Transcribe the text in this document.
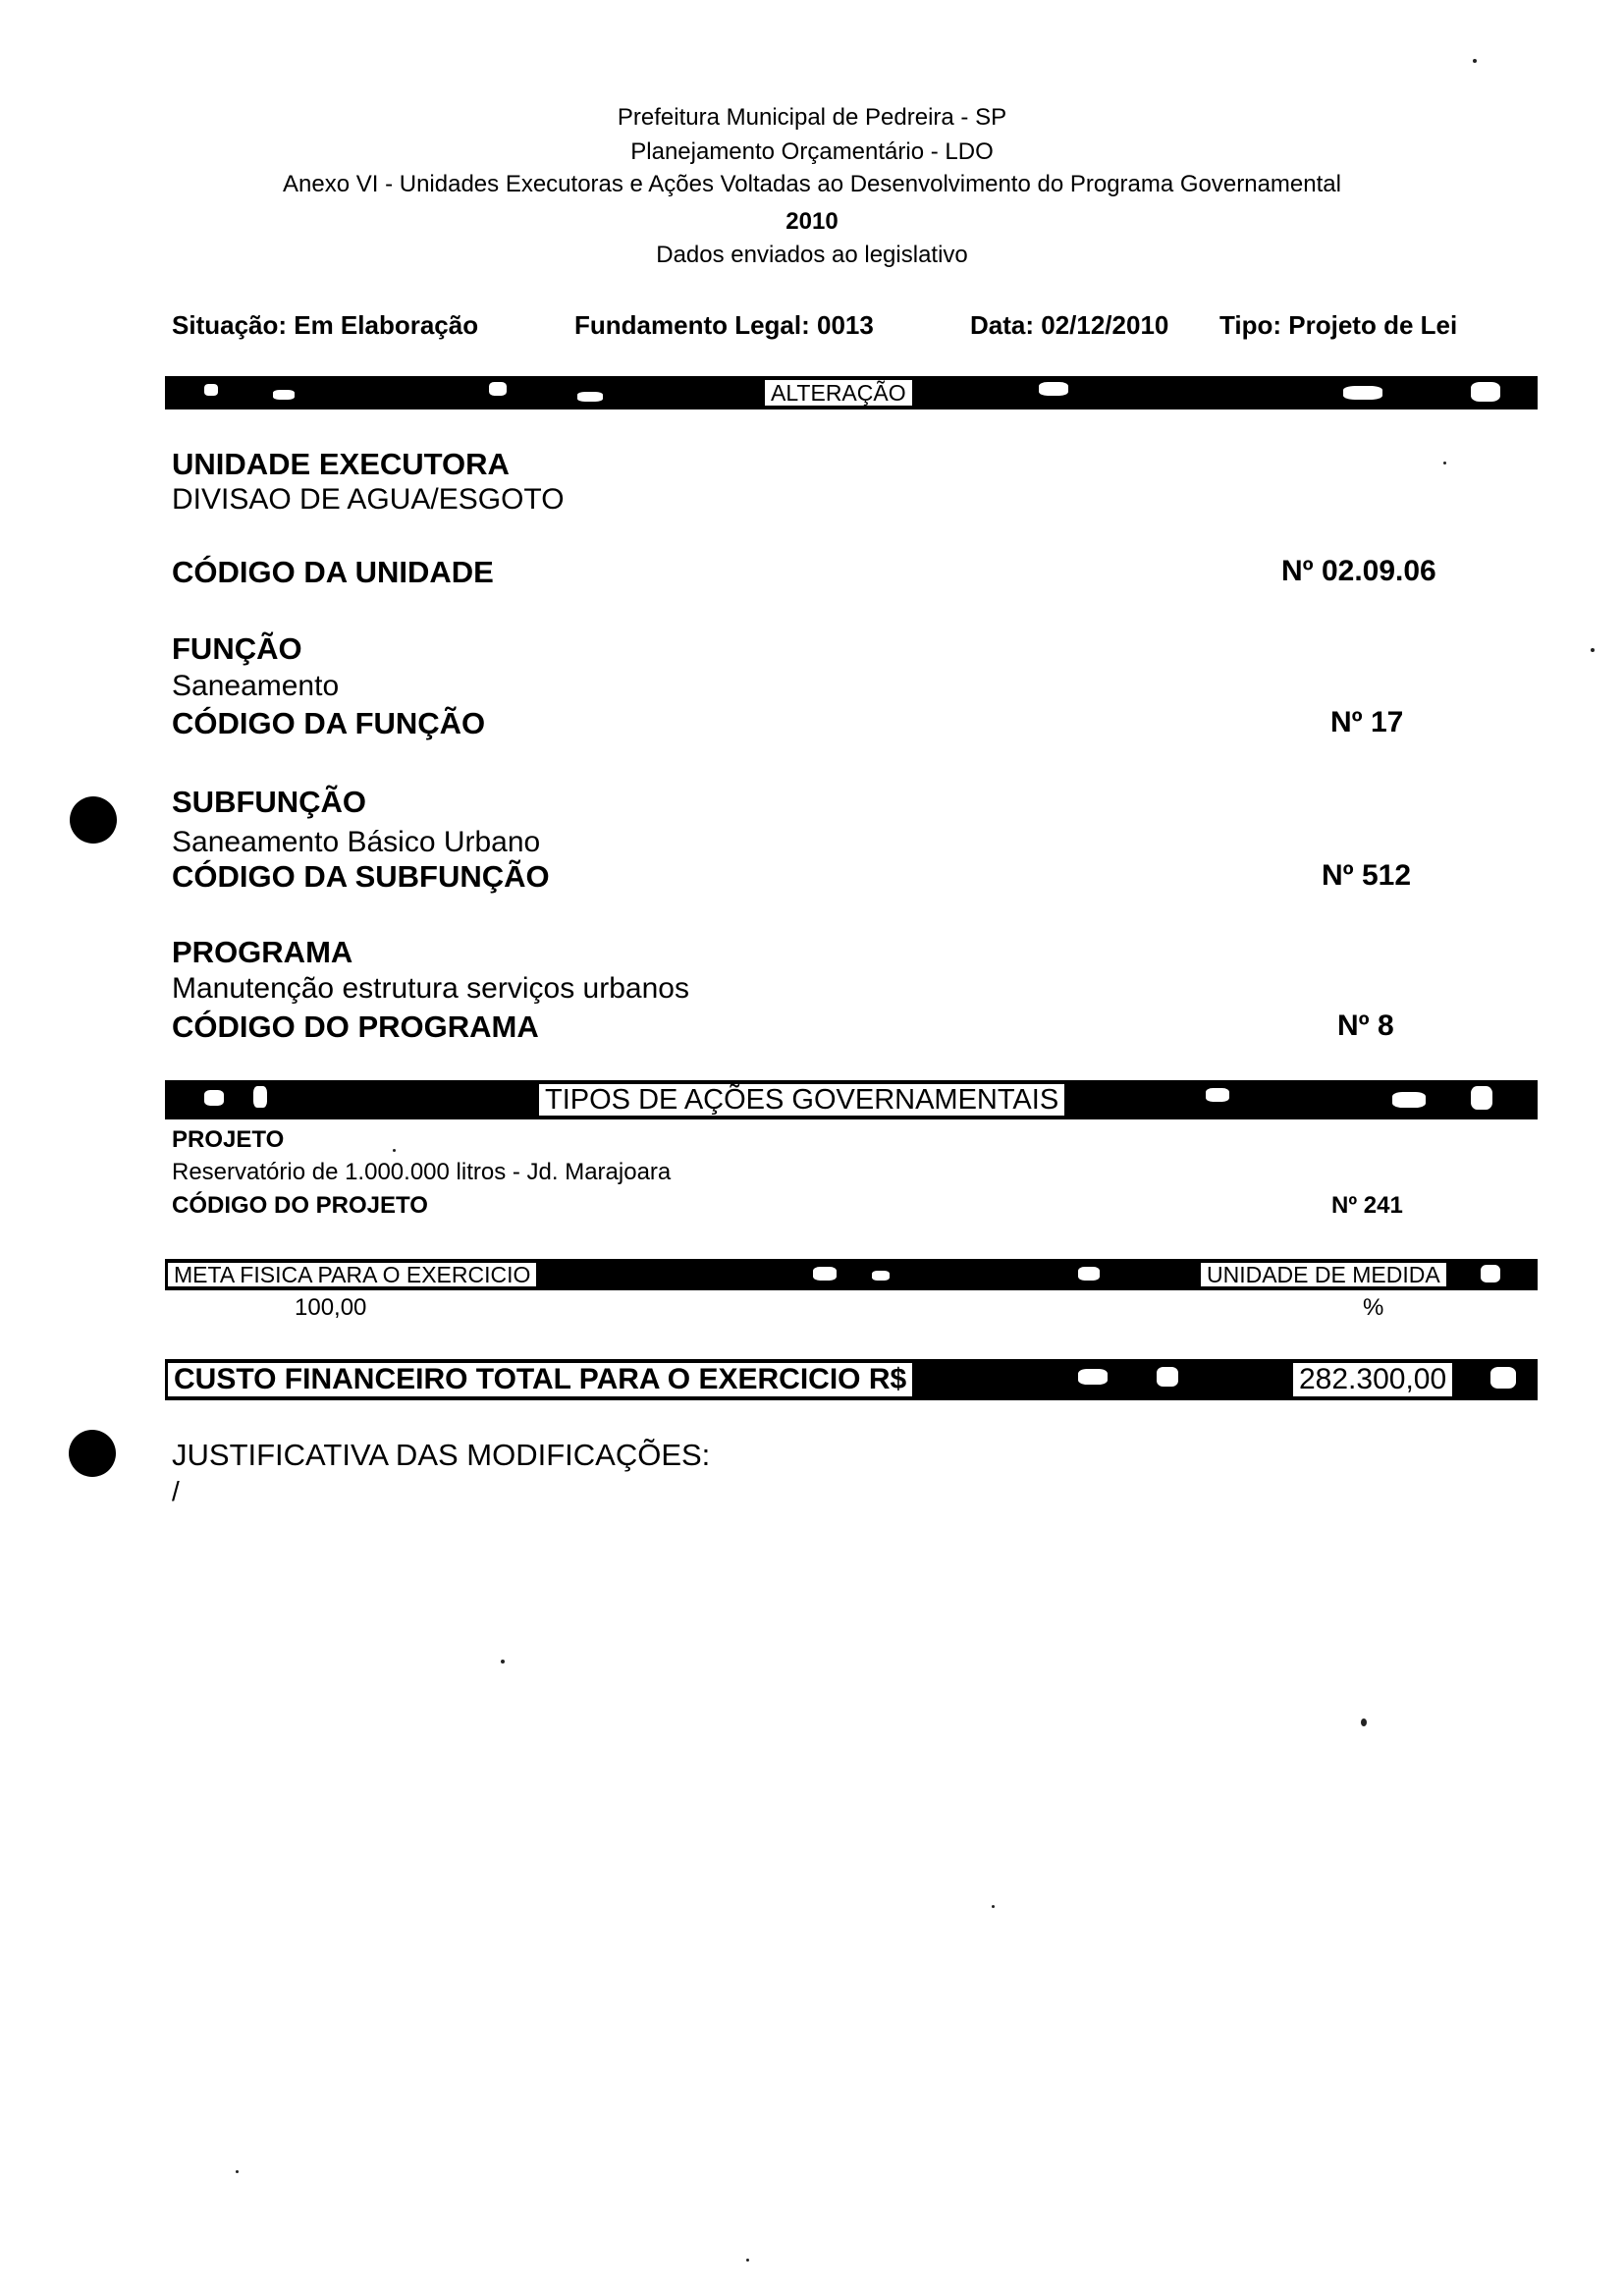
Prefeitura Municipal de Pedreira - SP
Planejamento Orçamentário - LDO
Anexo VI - Unidades Executoras e Ações Voltadas ao Desenvolvimento do Programa Governamental
2010
Dados enviados ao legislativo
Situação: Em Elaboração	Fundamento Legal: 0013	Data: 02/12/2010 Tipo: Projeto de Lei
ALTERAÇÃO
UNIDADE EXECUTORA
DIVISAO DE AGUA/ESGOTO
CÓDIGO DA UNIDADE	Nº 02.09.06
FUNÇÃO
Saneamento
CÓDIGO DA FUNÇÃO	Nº 17
SUBFUNÇÃO
Saneamento Básico Urbano
CÓDIGO DA SUBFUNÇÃO	Nº 512
PROGRAMA
Manutenção estrutura serviços urbanos
CÓDIGO DO PROGRAMA	Nº 8
TIPOS DE AÇÕES GOVERNAMENTAIS
PROJETO
Reservatório de 1.000.000 litros - Jd. Marajoara
CÓDIGO DO PROJETO	Nº 241
META FISICA PARA O EXERCICIO	UNIDADE DE MEDIDA
100,00	%
CUSTO FINANCEIRO TOTAL PARA O EXERCICIO R$	282.300,00
JUSTIFICATIVA DAS MODIFICAÇÕES:
/
